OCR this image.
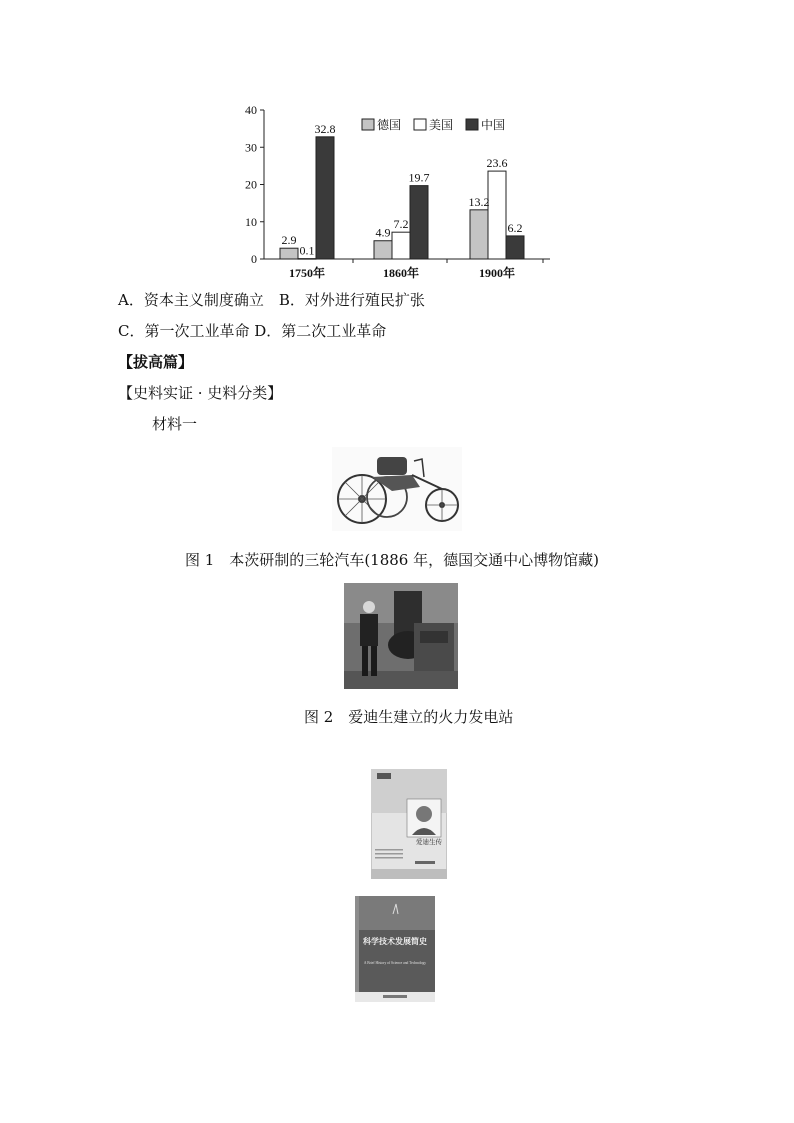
0
10
20
30
40
1750年	1860年	1900年
2.9
0.1
32.8
4.9
7.2
19.7
13.2
23.6
6.2
德国 美国 中国
A．资本主义制度确立　B．对外进行殖民扩张
C．第一次工业革命 D．第二次工业革命
【拔高篇】
【史料实证 · 史料分类】
材料一
图 1　本茨研制的三轮汽车(1886 年，德国交通中心博物馆藏)
图 2　爱迪生建立的火力发电站
爱迪生传
科学技术发展简史
A Brief History of Science and Technology
